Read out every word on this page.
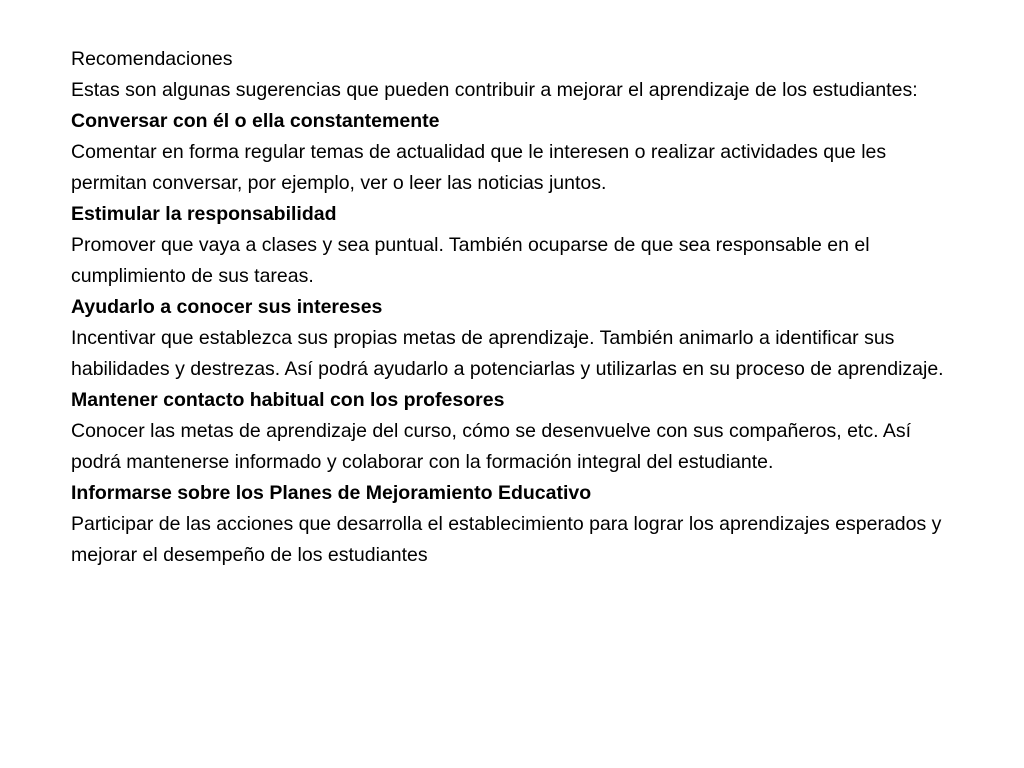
Recomendaciones

Estas son algunas sugerencias que pueden contribuir a mejorar el aprendizaje de los estudiantes:

Conversar con él o ella constantemente

Comentar en forma regular temas de actualidad que le interesen o realizar actividades que les permitan conversar, por ejemplo, ver o leer las noticias juntos.

Estimular la responsabilidad

Promover que vaya a clases y sea puntual. También ocuparse de que sea responsable en el cumplimiento de sus tareas.

Ayudarlo a conocer sus intereses

Incentivar que establezca sus propias metas de aprendizaje. También animarlo a identificar sus habilidades y destrezas. Así podrá ayudarlo a potenciarlas y utilizarlas en su proceso de aprendizaje.

Mantener contacto habitual con los profesores

Conocer las metas de aprendizaje del curso, cómo se desenvuelve con sus compañeros, etc. Así podrá mantenerse informado y colaborar con la formación integral del estudiante.

Informarse sobre los Planes de Mejoramiento Educativo

Participar de las acciones que desarrolla el establecimiento para lograr los aprendizajes esperados y mejorar el desempeño de los estudiantes
